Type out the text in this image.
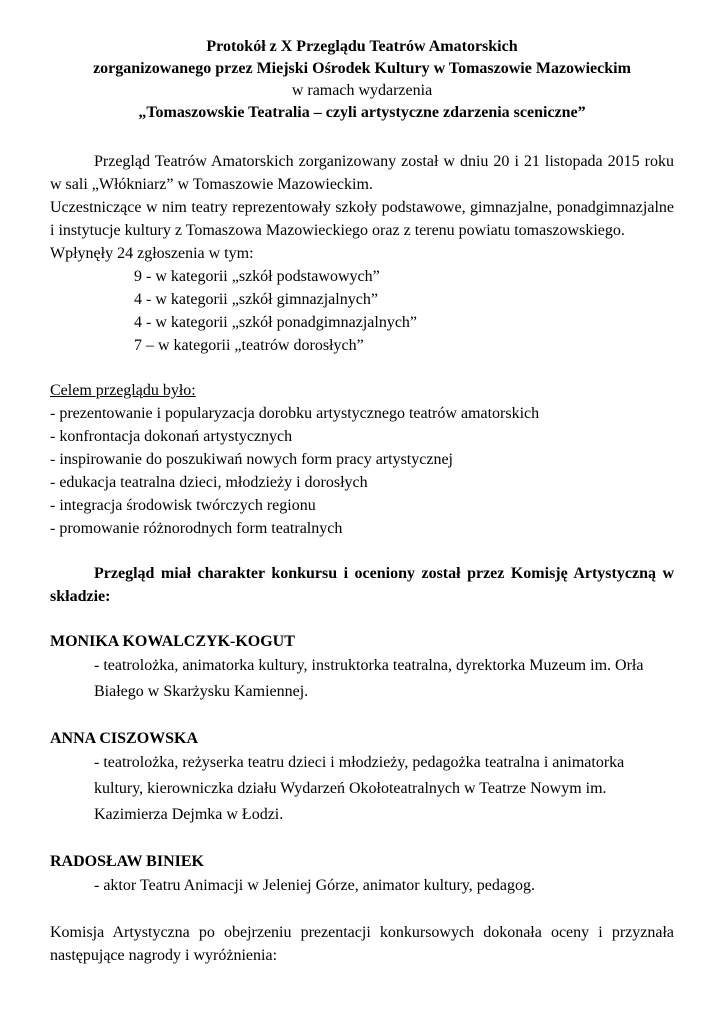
Protokół z X Przeglądu Teatrów Amatorskich
zorganizowanego przez Miejski Ośrodek Kultury w Tomaszowie Mazowieckim
w ramach wydarzenia
„Tomaszowskie Teatralia – czyli artystyczne zdarzenia sceniczne”
Przegląd Teatrów Amatorskich zorganizowany został w dniu 20 i 21 listopada 2015 roku w sali „Włókniarz” w Tomaszowie Mazowieckim.
Uczestniczące w nim teatry reprezentowały szkoły podstawowe, gimnazjalne, ponadgimnazjalne i instytucje kultury z Tomaszowa Mazowieckiego oraz z terenu powiatu tomaszowskiego.
Wpłynęły 24 zgłoszenia w tym:
9 - w kategorii „szkół podstawowych”
4 - w kategorii „szkół gimnazjalnych”
4 - w kategorii „szkół ponadgimnazjalnych”
7 – w kategorii „teatrów dorosłych”
Celem przeglądu było:
- prezentowanie i popularyzacja dorobku artystycznego teatrów amatorskich
- konfrontacja dokonań artystycznych
- inspirowanie do poszukiwań nowych form pracy artystycznej
- edukacja teatralna dzieci, młodzieży i dorosłych
- integracja środowisk twórczych regionu
- promowanie różnorodnych form teatralnych
Przegląd miał charakter konkursu i oceniony został przez Komisję Artystyczną w składzie:
MONIKA KOWALCZYK-KOGUT
- teatrolożka, animatorka kultury, instruktorka teatralna, dyrektorka Muzeum im. Orła Białego w Skarżysku Kamiennej.
ANNA CISZOWSKA
- teatrolożka, reżyserka teatru dzieci i młodzieży, pedagożka teatralna i animatorka kultury, kierowniczka działu Wydarzeń Okołoteatralnych w Teatrze Nowym im. Kazimierza Dejmka w Łodzi.
RADOSŁAW BINIEK
- aktor Teatru Animacji w Jeleniej Górze, animator kultury, pedagog.
Komisja Artystyczna po obejrzeniu prezentacji konkursowych dokonała oceny i przyznała następujące nagrody i wyróżnienia:
